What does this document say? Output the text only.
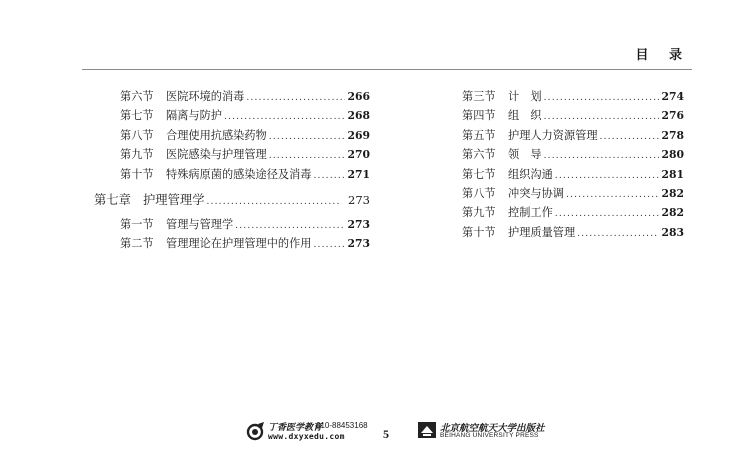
目 录
第六节	医院环境的消毒 .....	266
第七节	隔离与防护 .....	268
第八节	合理使用抗感染药物 .....	269
第九节	医院感染与护理管理 .....	270
第十节	特殊病原菌的感染途径及消毒 .....	271
第七章 护理管理学 .....	273
第一节	管理与管理学 .....	273
第二节	管理理论在护理管理中的作用 .....	273
第三节	计　划 .....	274
第四节	组　织 .....	276
第五节	护理人力资源管理 .....	278
第六节	领　导 .....	280
第七节	组织沟通 .....	281
第八节	冲突与协调 .....	282
第九节	控制工作 .....	282
第十节	护理质量管理 .....	283
丁香医学教育
010-88453168
www.dxyxedu.com	5	北京航空航天大学出版社
BEIHANG UNIVERSITY PRESS
